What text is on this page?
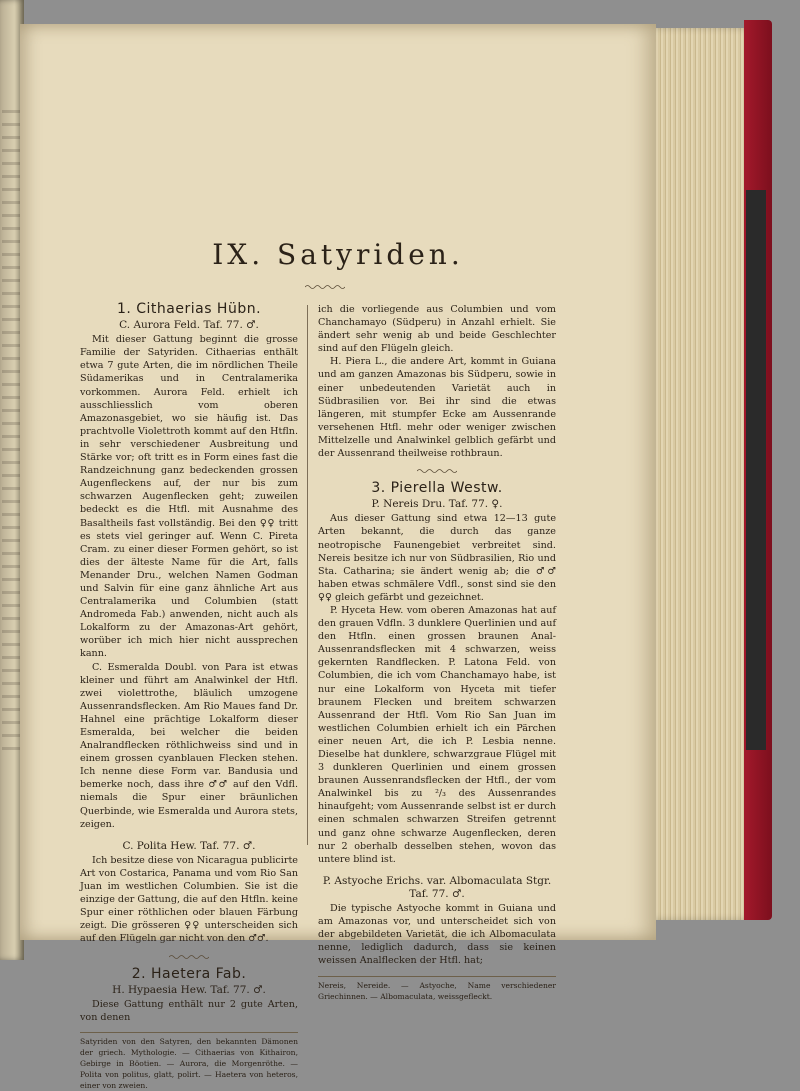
IX. Satyriden.
1. Cithaerias Hübn.
C. Aurora Feld. Taf. 77. ♂.

Mit dieser Gattung beginnt die grosse Familie der Satyriden. Cithaerias enthält etwa 7 gute Arten, die im nördlichen Theile Südamerikas und in Centralamerika vorkommen. Aurora Feld. erhielt ich ausschliesslich vom oberen Amazonasgebiet, wo sie häufig ist. Das prachtvolle Violettroth kommt auf den Htfln. in sehr verschiedener Ausbreitung und Stärke vor; oft tritt es in Form eines fast die Randzeichnung ganz bedeckenden grossen Augenfleckens auf, der nur bis zum schwarzen Augenflecken geht; zuweilen bedeckt es die Htfl. mit Ausnahme des Basaltheils fast vollständig. Bei den ♀♀ tritt es stets viel geringer auf. Wenn C. Pireta Cram. zu einer dieser Formen gehört, so ist dies der älteste Name für die Art, falls Menander Dru., welchen Namen Godman und Salvin für eine ganz ähnliche Art aus Centralamerika und Columbien (statt Andromeda Fab.) anwenden, nicht auch als Lokalform zu der Amazonas-Art gehört, worüber ich mich hier nicht aussprechen kann.

C. Esmeralda Doubl. von Para ist etwas kleiner und führt am Analwinkel der Htfl. zwei violettrothe, bläulich umzogene Aussenrandsflecken. Am Rio Maues fand Dr. Hahnel eine prächtige Lokalform dieser Esmeralda, bei welcher die beiden Analrandflecken röthlichweiss sind und in einem grossen cyanblauen Flecken stehen. Ich nenne diese Form var. Bandusia und bemerke noch, dass ihre ♂♂ auf den Vdfl. niemals die Spur einer bräunlichen Querbinde, wie Esmeralda und Aurora stets, zeigen.

C. Polita Hew. Taf. 77. ♂.

Ich besitze diese von Nicaragua publicirte Art von Costarica, Panama und vom Rio San Juan im westlichen Columbien. Sie ist die einzige der Gattung, die auf den Htfln. keine Spur einer röthlichen oder blauen Färbung zeigt. Die grösseren ♀♀ unterscheiden sich auf den Flügeln gar nicht von den ♂♂.

2. Haetera Fab.
H. Hypaesia Hew. Taf. 77. ♂.

Diese Gattung enthält nur 2 gute Arten, von denen

Satyriden von den Satyren, den bekannten Dämonen der griech. Mythologie. — Cithaerias von Kithairon, Gebirge in Böotien. — Aurora, die Morgenröthe. — Polita von politus, glatt, polirt. — Haetera von heteros, einer von zweien.

ich die vorliegende aus Columbien und vom Chanchamayo (Südperu) in Anzahl erhielt. Sie ändert sehr wenig ab und beide Geschlechter sind auf den Flügeln gleich.

H. Piera L., die andere Art, kommt in Guiana und am ganzen Amazonas bis Südperu, sowie in einer unbedeutenden Varietät auch in Südbrasilien vor. Bei ihr sind die etwas längeren, mit stumpfer Ecke am Aussenrande versehenen Htfl. mehr oder weniger zwischen Mittelzelle und Analwinkel gelblich gefärbt und der Aussenrand theilweise rothbraun.

3. Pierella Westw.
P. Nereis Dru. Taf. 77. ♀.

Aus dieser Gattung sind etwa 12—13 gute Arten bekannt, die durch das ganze neotropische Faunengebiet verbreitet sind. Nereis besitze ich nur von Südbrasilien, Rio und Sta. Catharina; sie ändert wenig ab; die ♂♂ haben etwas schmälere Vdfl., sonst sind sie den ♀♀ gleich gefärbt und gezeichnet.

P. Hyceta Hew. vom oberen Amazonas hat auf den grauen Vdfln. 3 dunklere Querlinien und auf den Htfln. einen grossen braunen Anal-Aussenrandsflecken mit 4 schwarzen, weiss gekernten Randflecken. P. Latona Feld. von Columbien, die ich vom Chanchamayo habe, ist nur eine Lokalform von Hyceta mit tiefer braunem Flecken und breitem schwarzen Aussenrand der Htfl. Vom Rio San Juan im westlichen Columbien erhielt ich ein Pärchen einer neuen Art, die ich P. Lesbia nenne. Dieselbe hat dunklere, schwarzgraue Flügel mit 3 dunkleren Querlinien und einem grossen braunen Aussenrandsflecken der Htfl., der vom Analwinkel bis zu ²/₃ des Aussenrandes hinaufgeht; vom Aussenrande selbst ist er durch einen schmalen schwarzen Streifen getrennt und ganz ohne schwarze Augenflecken, deren nur 2 oberhalb desselben stehen, wovon das untere blind ist.

P. Astyoche Erichs. var. Albomaculata Stgr. Taf. 77. ♂.

Die typische Astyoche kommt in Guiana und am Amazonas vor, und unterscheidet sich von der abgebildeten Varietät, die ich Albomaculata nenne, lediglich dadurch, dass sie keinen weissen Analflecken der Htfl. hat;

Nereis, Nereide. — Astyoche, Name verschiedener Griechinnen. — Albomaculata, weissgefleckt.
